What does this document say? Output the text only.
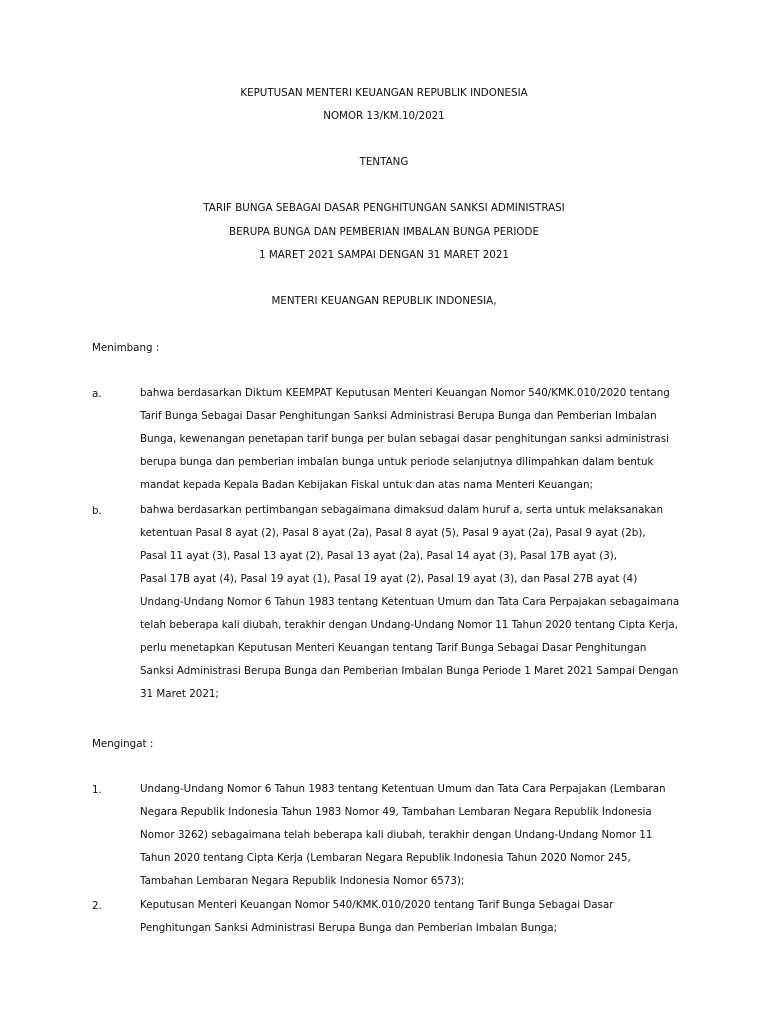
KEPUTUSAN MENTERI KEUANGAN REPUBLIK INDONESIA
NOMOR 13/KM.10/2021
TENTANG
TARIF BUNGA SEBAGAI DASAR PENGHITUNGAN SANKSI ADMINISTRASI
BERUPA BUNGA DAN PEMBERIAN IMBALAN BUNGA PERIODE
1 MARET 2021 SAMPAI DENGAN 31 MARET 2021
MENTERI KEUANGAN REPUBLIK INDONESIA,
Menimbang :
a.	bahwa berdasarkan Diktum KEEMPAT Keputusan Menteri Keuangan Nomor 540/KMK.010/2020 tentang
Tarif Bunga Sebagai Dasar Penghitungan Sanksi Administrasi Berupa Bunga dan Pemberian Imbalan
Bunga, kewenangan penetapan tarif bunga per bulan sebagai dasar penghitungan sanksi administrasi
berupa bunga dan pemberian imbalan bunga untuk periode selanjutnya dilimpahkan dalam bentuk
mandat kepada Kepala Badan Kebijakan Fiskal untuk dan atas nama Menteri Keuangan;
b.	bahwa berdasarkan pertimbangan sebagaimana dimaksud dalam huruf a, serta untuk melaksanakan
ketentuan Pasal 8 ayat (2), Pasal 8 ayat (2a), Pasal 8 ayat (5), Pasal 9 ayat (2a), Pasal 9 ayat (2b),
Pasal 11 ayat (3), Pasal 13 ayat (2), Pasal 13 ayat (2a), Pasal 14 ayat (3), Pasal 17B ayat (3),
Pasal 17B ayat (4), Pasal 19 ayat (1), Pasal 19 ayat (2), Pasal 19 ayat (3), dan Pasal 27B ayat (4)
Undang-Undang Nomor 6 Tahun 1983 tentang Ketentuan Umum dan Tata Cara Perpajakan sebagaimana
telah beberapa kali diubah, terakhir dengan Undang-Undang Nomor 11 Tahun 2020 tentang Cipta Kerja,
perlu menetapkan Keputusan Menteri Keuangan tentang Tarif Bunga Sebagai Dasar Penghitungan
Sanksi Administrasi Berupa Bunga dan Pemberian Imbalan Bunga Periode 1 Maret 2021 Sampai Dengan
31 Maret 2021;
Mengingat :
1.	Undang-Undang Nomor 6 Tahun 1983 tentang Ketentuan Umum dan Tata Cara Perpajakan (Lembaran
Negara Republik Indonesia Tahun 1983 Nomor 49, Tambahan Lembaran Negara Republik Indonesia
Nomor 3262) sebagaimana telah beberapa kali diubah, terakhir dengan Undang-Undang Nomor 11
Tahun 2020 tentang Cipta Kerja (Lembaran Negara Republik Indonesia Tahun 2020 Nomor 245,
Tambahan Lembaran Negara Republik Indonesia Nomor 6573);
2.	Keputusan Menteri Keuangan Nomor 540/KMK.010/2020 tentang Tarif Bunga Sebagai Dasar
Penghitungan Sanksi Administrasi Berupa Bunga dan Pemberian Imbalan Bunga;
